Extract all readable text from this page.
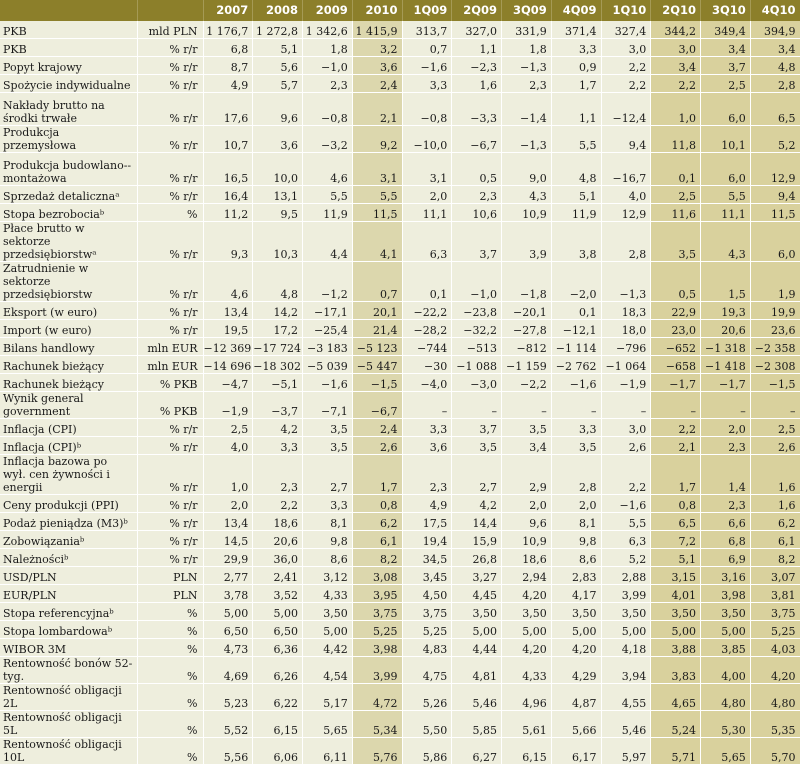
		2007	2008	2009	2010	1Q09	2Q09	3Q09	4Q09	1Q10	2Q10	3Q10	4Q10
PKB	mld PLN	1 176,7	1 272,8	1 342,6	1 415,9	313,7	327,0	331,9	371,4	327,4	344,2	349,4	394,9
PKB	% r/r	6,8	5,1	1,8	3,2	0,7	1,1	1,8	3,3	3,0	3,0	3,4	3,4
Popyt krajowy	% r/r	8,7	5,6	−1,0	3,6	−1,6	−2,3	−1,3	0,9	2,2	3,4	3,7	4,8
Spożycie indywidualne	% r/r	4,9	5,7	2,3	2,4	3,3	1,6	2,3	1,7	2,2	2,2	2,5	2,8
Nakłady brutto na środki trwałe	% r/r	17,6	9,6	−0,8	2,1	−0,8	−3,3	−1,4	1,1	−12,4	1,0	6,0	6,5
Produkcja przemysłowa	% r/r	10,7	3,6	−3,2	9,2	−10,0	−6,7	−1,3	5,5	9,4	11,8	10,1	5,2
Produkcja budowlano--montażowa	% r/r	16,5	10,0	4,6	3,1	3,1	0,5	9,0	4,8	−16,7	0,1	6,0	12,9
Sprzedaż detalicznaᵃ	% r/r	16,4	13,1	5,5	5,5	2,0	2,3	4,3	5,1	4,0	2,5	5,5	9,4
Stopa bezrobociaᵇ	%	11,2	9,5	11,9	11,5	11,1	10,6	10,9	11,9	12,9	11,6	11,1	11,5
Płace brutto w sektorze przedsiębiorstwᵃ	% r/r	9,3	10,3	4,4	4,1	6,3	3,7	3,9	3,8	2,8	3,5	4,3	6,0
Zatrudnienie w sektorze przedsiębiorstw	% r/r	4,6	4,8	−1,2	0,7	0,1	−1,0	−1,8	−2,0	−1,3	0,5	1,5	1,9
Eksport (w euro)	% r/r	13,4	14,2	−17,1	20,1	−22,2	−23,8	−20,1	0,1	18,3	22,9	19,3	19,9
Import (w euro)	% r/r	19,5	17,2	−25,4	21,4	−28,2	−32,2	−27,8	−12,1	18,0	23,0	20,6	23,6
Bilans handlowy	mln EUR	−12 369	−17 724	−3 183	−5 123	−744	−513	−812	−1 114	−796	−652	−1 318	−2 358
Rachunek bieżący	mln EUR	−14 696	−18 302	−5 039	−5 447	−30	−1 088	−1 159	−2 762	−1 064	−658	−1 418	−2 308
Rachunek bieżący	% PKB	−4,7	−5,1	−1,6	−1,5	−4,0	−3,0	−2,2	−1,6	−1,9	−1,7	−1,7	−1,5
Wynik general government	% PKB	−1,9	−3,7	−7,1	−6,7	–	–	–	–	–	–	–	–
Inflacja (CPI)	% r/r	2,5	4,2	3,5	2,4	3,3	3,7	3,5	3,3	3,0	2,2	2,0	2,5
Inflacja (CPI)ᵇ	% r/r	4,0	3,3	3,5	2,6	3,6	3,5	3,4	3,5	2,6	2,1	2,3	2,6
Inflacja bazowa po wył. cen żywności i energii	% r/r	1,0	2,3	2,7	1,7	2,3	2,7	2,9	2,8	2,2	1,7	1,4	1,6
Ceny produkcji (PPI)	% r/r	2,0	2,2	3,3	0,8	4,9	4,2	2,0	2,0	−1,6	0,8	2,3	1,6
Podaż pieniądza (M3)ᵇ	% r/r	13,4	18,6	8,1	6,2	17,5	14,4	9,6	8,1	5,5	6,5	6,6	6,2
Zobowiązaniaᵇ	% r/r	14,5	20,6	9,8	6,1	19,4	15,9	10,9	9,8	6,3	7,2	6,8	6,1
Należnościᵇ	% r/r	29,9	36,0	8,6	8,2	34,5	26,8	18,6	8,6	5,2	5,1	6,9	8,2
USD/PLN	PLN	2,77	2,41	3,12	3,08	3,45	3,27	2,94	2,83	2,88	3,15	3,16	3,07
EUR/PLN	PLN	3,78	3,52	4,33	3,95	4,50	4,45	4,20	4,17	3,99	4,01	3,98	3,81
Stopa referencyjnaᵇ	%	5,00	5,00	3,50	3,75	3,75	3,50	3,50	3,50	3,50	3,50	3,50	3,75
Stopa lombardowaᵇ	%	6,50	6,50	5,00	5,25	5,25	5,00	5,00	5,00	5,00	5,00	5,00	5,25
WIBOR 3M	%	4,73	6,36	4,42	3,98	4,83	4,44	4,20	4,20	4,18	3,88	3,85	4,03
Rentowność bonów 52-tyg.	%	4,69	6,26	4,54	3,99	4,75	4,81	4,33	4,29	3,94	3,83	4,00	4,20
Rentowność obligacji 2L	%	5,23	6,22	5,17	4,72	5,26	5,46	4,96	4,87	4,55	4,65	4,80	4,80
Rentowność obligacji 5L	%	5,52	6,15	5,65	5,34	5,50	5,85	5,61	5,66	5,46	5,24	5,30	5,35
Rentowność obligacji 10L	%	5,56	6,06	6,11	5,76	5,86	6,27	6,15	6,17	5,97	5,71	5,65	5,70
